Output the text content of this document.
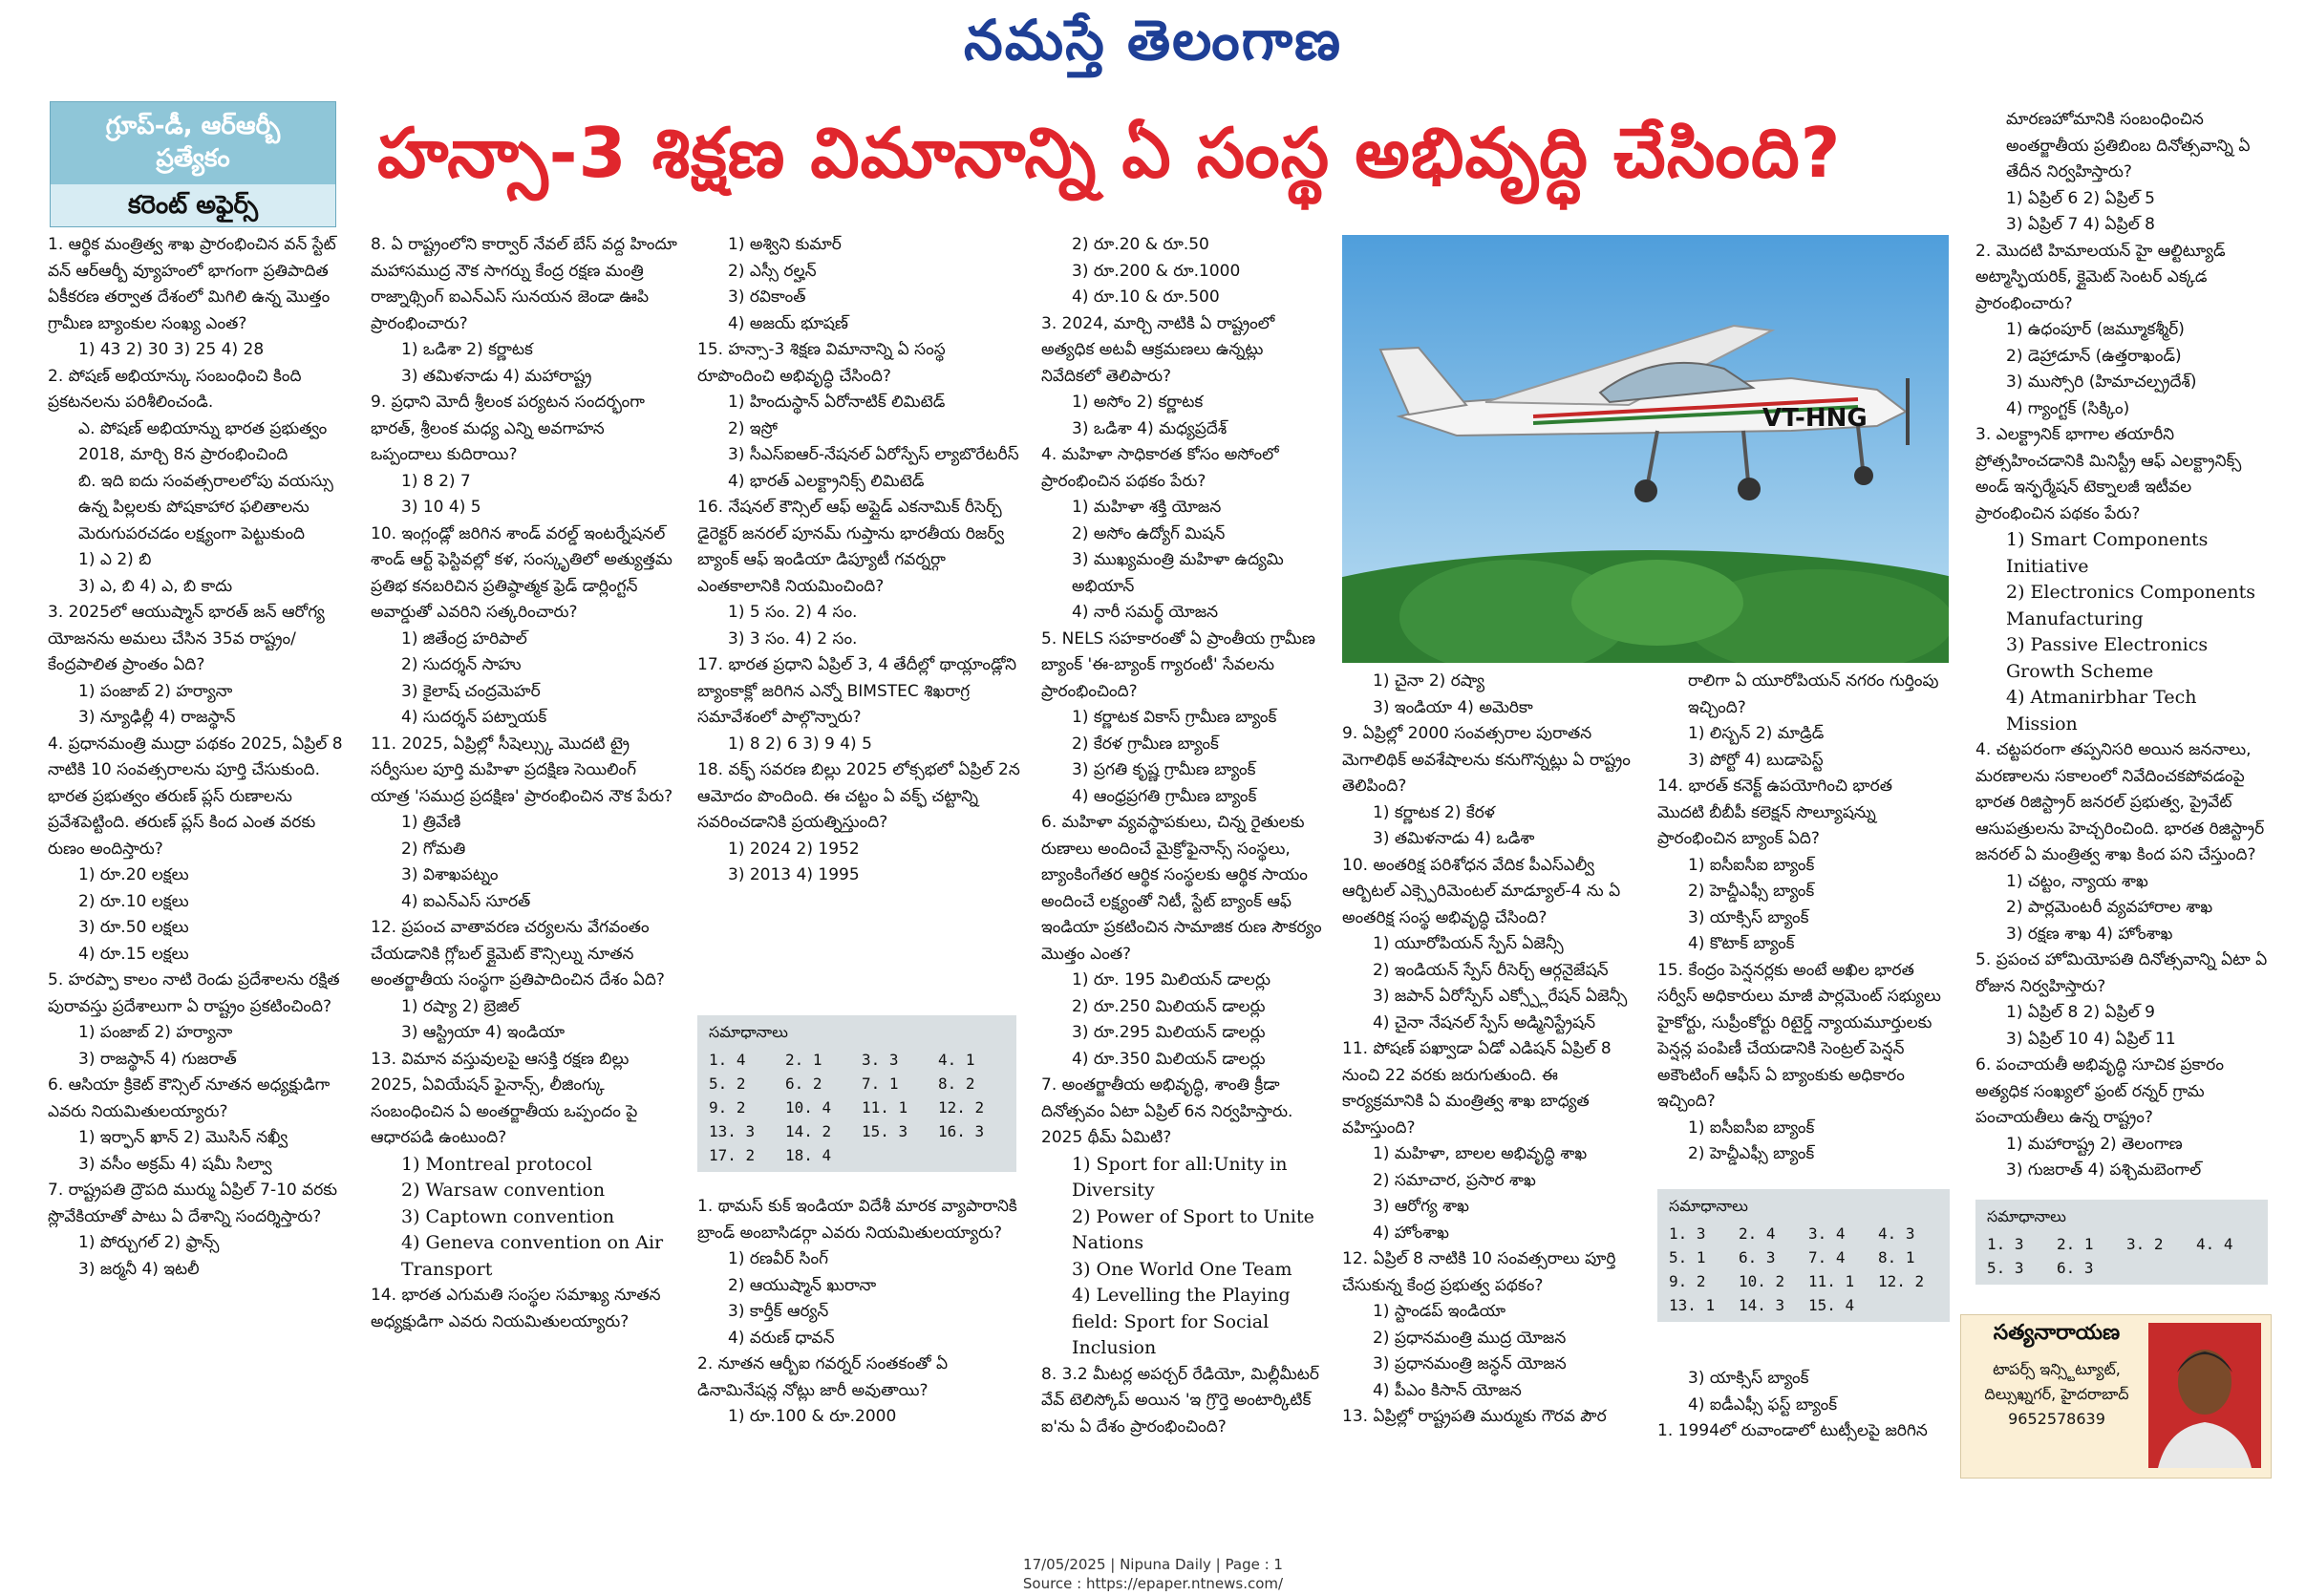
నమస్తే తెలంగాణ
గ్రూప్-డీ, ఆర్ఆర్బీ
ప్రత్యేకం
కరెంట్ అఫైర్స్
హన్సా-3 శిక్షణ విమానాన్ని ఏ సంస్థ అభివృద్ధి చేసింది?
1. ఆర్థిక మంత్రిత్వ శాఖ ప్రారంభించిన వన్ స్టేట్ వన్ ఆర్ఆర్బీ వ్యూహంలో భాగంగా ప్రతిపాదిత ఏకీకరణ తర్వాత దేశంలో మిగిలి ఉన్న మొత్తం గ్రామీణ బ్యాంకుల సంఖ్య ఎంత?
1) 43 2) 30 3) 25 4) 28
2. పోషణ్ అభియాన్కు సంబంధించి కింది ప్రకటనలను పరిశీలించండి.
ఎ. పోషణ్ అభియాన్ను భారత ప్రభుత్వం 2018, మార్చి 8న ప్రారంభించింది
బి. ఇది ఐదు సంవత్సరాలలోపు వయస్సు ఉన్న పిల్లలకు పోషకాహార ఫలితాలను మెరుగుపరచడం లక్ష్యంగా పెట్టుకుంది
1) ఎ 2) బి
3) ఎ, బి 4) ఎ, బి కాదు
3. 2025లో ఆయుష్మాన్ భారత్ జన్ ఆరోగ్య యోజనను అమలు చేసిన 35వ రాష్ట్రం/ కేంద్రపాలిత ప్రాంతం ఏది?
1) పంజాబ్ 2) హర్యానా
3) న్యూఢిల్లీ 4) రాజస్థాన్
4. ప్రధానమంత్రి ముద్రా పథకం 2025, ఏప్రిల్ 8 నాటికి 10 సంవత్సరాలను పూర్తి చేసుకుంది. భారత ప్రభుత్వం తరుణ్ ప్లస్ రుణాలను ప్రవేశపెట్టింది. తరుణ్ ప్లస్ కింద ఎంత వరకు రుణం అందిస్తారు?
1) రూ.20 లక్షలు
2) రూ.10 లక్షలు
3) రూ.50 లక్షలు
4) రూ.15 లక్షలు
5. హరప్పా కాలం నాటి రెండు ప్రదేశాలను రక్షిత పురావస్తు ప్రదేశాలుగా ఏ రాష్ట్రం ప్రకటించింది?
1) పంజాబ్ 2) హర్యానా
3) రాజస్థాన్ 4) గుజరాత్
6. ఆసియా క్రికెట్ కౌన్సిల్ నూతన అధ్యక్షుడిగా ఎవరు నియమితులయ్యారు?
1) ఇర్ఫాన్ ఖాన్ 2) మొసిన్ నఖ్వీ
3) వసీం అక్రమ్ 4) షమీ సిల్వా
7. రాష్ట్రపతి ద్రౌపది ముర్ము ఏప్రిల్ 7-10 వరకు స్లొవేకియాతో పాటు ఏ దేశాన్ని సందర్శిస్తారు?
1) పోర్చుగల్ 2) ఫ్రాన్స్
3) జర్మనీ 4) ఇటలీ
8. ఏ రాష్ట్రంలోని కార్వార్ నేవల్ బేస్ వద్ద హిందూ మహాసముద్ర నౌక సాగర్ను కేంద్ర రక్షణ మంత్రి రాజ్నాథ్సింగ్ ఐఎన్ఎస్ సునయన జెండా ఊపి ప్రారంభించారు?
1) ఒడిశా 2) కర్ణాటక
3) తమిళనాడు 4) మహారాష్ట్ర
9. ప్రధాని మోదీ శ్రీలంక పర్యటన సందర్భంగా భారత్, శ్రీలంక మధ్య ఎన్ని అవగాహన ఒప్పందాలు కుదిరాయి?
1) 8 2) 7
3) 10 4) 5
10. ఇంగ్లండ్లో జరిగిన శాండ్ వరల్డ్ ఇంటర్నేషనల్ శాండ్ ఆర్ట్ ఫెస్టివల్లో కళ, సంస్కృతిలో అత్యుత్తమ ప్రతిభ కనబరిచిన ప్రతిష్ఠాత్మక ఫ్రెడ్ డార్లింగ్టన్ అవార్డుతో ఎవరిని సత్కరించారు?
1) జితేంద్ర హరిపాల్
2) సుదర్శన్ సాహు
3) కైలాష్ చంద్రమెహర్
4) సుదర్శన్ పట్నాయక్
11. 2025, ఏప్రిల్లో సీషెల్స్కు మొదటి ట్రై సర్వీసుల పూర్తి మహిళా ప్రదక్షిణ సెయిలింగ్ యాత్ర 'సముద్ర ప్రదక్షిణ' ప్రారంభించిన నౌక పేరు?
1) త్రివేణి
2) గోమతి
3) విశాఖపట్నం
4) ఐఎన్ఎస్ సూరత్
12. ప్రపంచ వాతావరణ చర్యలను వేగవంతం చేయడానికి గ్లోబల్ క్లైమెట్ కౌన్సిల్ను నూతన అంతర్జాతీయ సంస్థగా ప్రతిపాదించిన దేశం ఏది?
1) రష్యా 2) బ్రెజిల్
3) ఆస్ట్రియా 4) ఇండియా
13. విమాన వస్తువులపై ఆసక్తి రక్షణ బిల్లు 2025, ఏవియేషన్ ఫైనాన్స్, లీజింగ్కు సంబంధించిన ఏ అంతర్జాతీయ ఒప్పందం పై ఆధారపడి ఉంటుంది?
1) Montreal protocol
2) Warsaw convention
3) Captown convention
4) Geneva convention on Air Transport
14. భారత ఎగుమతి సంస్థల సమాఖ్య నూతన అధ్యక్షుడిగా ఎవరు నియమితులయ్యారు?
1) అశ్విని కుమార్
2) ఎస్సీ రల్హన్
3) రవికాంత్
4) అజయ్ భూషణ్
15. హన్సా-3 శిక్షణ విమానాన్ని ఏ సంస్థ రూపొందించి అభివృద్ధి చేసింది?
1) హిందుస్థాన్ ఏరోనాటిక్ లిమిటెడ్
2) ఇస్రో
3) సీఎస్ఐఆర్-నేషనల్ ఏరోస్పేస్ ల్యాబొరేటరీస్
4) భారత్ ఎలక్ట్రానిక్స్ లిమిటెడ్
16. నేషనల్ కౌన్సిల్ ఆఫ్ అప్లైడ్ ఎకనామిక్ రీసెర్చ్ డైరెక్టర్ జనరల్ పూనమ్ గుప్తాను భారతీయ రిజర్వ్ బ్యాంక్ ఆఫ్ ఇండియా డిప్యూటీ గవర్నర్గా ఎంతకాలానికి నియమించింది?
1) 5 సం. 2) 4 సం.
3) 3 సం. 4) 2 సం.
17. భారత ప్రధాని ఏప్రిల్ 3, 4 తేదీల్లో థాయ్లాండ్లోని బ్యాంకాక్లో జరిగిన ఎన్నో BIMSTEC శిఖరాగ్ర సమావేశంలో పాల్గొన్నారు?
1) 8 2) 6 3) 9 4) 5
18. వక్ఫ్ సవరణ బిల్లు 2025 లోక్సభలో ఏప్రిల్ 2న ఆమోదం పొందింది. ఈ చట్టం ఏ వక్ఫ్ చట్టాన్ని సవరించడానికి ప్రయత్నిస్తుంది?
1) 2024 2) 1952
3) 2013 4) 1995
1. థామస్ కుక్ ఇండియా విదేశీ మారక వ్యాపారానికి బ్రాండ్ అంబాసిడర్గా ఎవరు నియమితులయ్యారు?
1) రణవీర్ సింగ్
2) ఆయుష్మాన్ ఖురానా
3) కార్తీక్ ఆర్యన్
4) వరుణ్ ధావన్
2. నూతన ఆర్బీఐ గవర్నర్ సంతకంతో ఏ డినామినేషన్ల నోట్లు జారీ అవుతాయి?
1) రూ.100 & రూ.2000
2) రూ.20 & రూ.50
3) రూ.200 & రూ.1000
4) రూ.10 & రూ.500
3. 2024, మార్చి నాటికి ఏ రాష్ట్రంలో అత్యధిక అటవీ ఆక్రమణలు ఉన్నట్లు నివేదికలో తెలిపారు?
1) అసోం 2) కర్ణాటక
3) ఒడిశా 4) మధ్యప్రదేశ్
4. మహిళా సాధికారత కోసం అసోంలో ప్రారంభించిన పథకం పేరు?
1) మహిళా శక్తి యోజన
2) అసోం ఉద్యోగ్ మిషన్
3) ముఖ్యమంత్రి మహిళా ఉద్యమి అభియాన్
4) నారీ సమర్థ్ యోజన
5. NELS సహకారంతో ఏ ప్రాంతీయ గ్రామీణ బ్యాంక్ 'ఈ-బ్యాంక్ గ్యారంటీ' సేవలను ప్రారంభించింది?
1) కర్ణాటక వికాస్ గ్రామీణ బ్యాంక్
2) కేరళ గ్రామీణ బ్యాంక్
3) ప్రగతి కృష్ణ గ్రామీణ బ్యాంక్
4) ఆంధ్రప్రగతి గ్రామీణ బ్యాంక్
6. మహిళా వ్యవస్థాపకులు, చిన్న రైతులకు రుణాలు అందించే మైక్రోఫైనాన్స్ సంస్థలు, బ్యాంకింగేతర ఆర్థిక సంస్థలకు ఆర్థిక సాయం అందించే లక్ష్యంతో నిటీ, స్టేట్ బ్యాంక్ ఆఫ్ ఇండియా ప్రకటించిన సామాజిక రుణ సౌకర్యం మొత్తం ఎంత?
1) రూ. 195 మిలియన్ డాలర్లు
2) రూ.250 మిలియన్ డాలర్లు
3) రూ.295 మిలియన్ డాలర్లు
4) రూ.350 మిలియన్ డాలర్లు
7. అంతర్జాతీయ అభివృద్ధి, శాంతి క్రీడా దినోత్సవం ఏటా ఏప్రిల్ 6న నిర్వహిస్తారు. 2025 థీమ్ ఏమిటి?
1) Sport for all:Unity in Diversity
2) Power of Sport to Unite Nations
3) One World One Team
4) Levelling the Playing field: Sport for Social Inclusion
8. 3.2 మీటర్ల అపర్చర్ రేడియో, మిల్లీమీటర్ వేవ్ టెలిస్కోప్ అయిన 'ఇ గ్రొర్తె అంటార్కిటిక్ ఐ'ను ఏ దేశం ప్రారంభించింది?
1) చైనా 2) రష్యా
3) ఇండియా 4) అమెరికా
9. ఏప్రిల్లో 2000 సంవత్సరాల పురాతన మెగాలిథిక్ అవశేషాలను కనుగొన్నట్లు ఏ రాష్ట్రం తెలిపింది?
1) కర్ణాటక 2) కేరళ
3) తమిళనాడు 4) ఒడిశా
10. అంతరిక్ష పరిశోధన వేదిక పీఎస్ఎల్వీ ఆర్బిటల్ ఎక్స్పెరిమెంటల్ మాడ్యూల్-4 ను ఏ అంతరిక్ష సంస్థ అభివృద్ధి చేసింది?
1) యూరోపియన్ స్పేస్ ఏజెన్సీ
2) ఇండియన్ స్పేస్ రీసెర్చ్ ఆర్గనైజేషన్
3) జపాన్ ఏరోస్పేస్ ఎక్స్ప్లోరేషన్ ఏజెన్సీ
4) చైనా నేషనల్ స్పేస్ అడ్మినిస్ట్రేషన్
11. పోషణ్ పఖ్వాడా ఏడో ఎడిషన్ ఏప్రిల్ 8 నుంచి 22 వరకు జరుగుతుంది. ఈ కార్యక్రమానికి ఏ మంత్రిత్వ శాఖ బాధ్యత వహిస్తుంది?
1) మహిళా, బాలల అభివృద్ధి శాఖ
2) సమాచార, ప్రసార శాఖ
3) ఆరోగ్య శాఖ
4) హోంశాఖ
12. ఏప్రిల్ 8 నాటికి 10 సంవత్సరాలు పూర్తి చేసుకున్న కేంద్ర ప్రభుత్వ పథకం?
1) స్టాండప్ ఇండియా
2) ప్రధానమంత్రి ముద్ర యోజన
3) ప్రధానమంత్రి జన్ధన్ యోజన
4) పీఎం కిసాన్ యోజన
13. ఏప్రిల్లో రాష్ట్రపతి ముర్ముకు గౌరవ పౌర
రాలిగా ఏ యూరోపియన్ నగరం గుర్తింపు ఇచ్చింది?
1) లిస్బన్ 2) మాడ్రిడ్
3) పోర్టో 4) బుడాపెస్ట్
14. భారత్ కనెక్ట్ ఉపయోగించి భారత మొదటి బీబీపీ కలెక్షన్ సొల్యూషన్ను ప్రారంభించిన బ్యాంక్ ఏది?
1) ఐసీఐసీఐ బ్యాంక్
2) హెచ్డీఎఫ్సీ బ్యాంక్
3) యాక్సిస్ బ్యాంక్
4) కొటాక్ బ్యాంక్
15. కేంద్రం పెన్షనర్లకు అంటే అఖిల భారత సర్వీస్ అధికారులు మాజీ పార్లమెంట్ సభ్యులు హైకోర్టు, సుప్రీంకోర్టు రిటైర్డ్ న్యాయమూర్తులకు పెన్షన్ల పంపిణీ చేయడానికి సెంట్రల్ పెన్షన్ అకౌంటింగ్ ఆఫీస్ ఏ బ్యాంకుకు అధికారం ఇచ్చింది?
1) ఐసీఐసీఐ బ్యాంక్
2) హెచ్డీఎఫ్సీ బ్యాంక్
3) యాక్సిస్ బ్యాంక్
4) ఐడీఎఫ్సీ ఫస్ట్ బ్యాంక్
1. 1994లో రువాండాలో టుట్సీలపై జరిగిన
మారణహోమానికి సంబంధించిన అంతర్జాతీయ ప్రతిబింబ దినోత్సవాన్ని ఏ తేదీన నిర్వహిస్తారు?
1) ఏప్రిల్ 6 2) ఏప్రిల్ 5
3) ఏప్రిల్ 7 4) ఏప్రిల్ 8
2. మొదటి హిమాలయన్ హై ఆల్టిట్యూడ్ అట్మాస్ఫియరిక్, క్లైమెట్ సెంటర్ ఎక్కడ ప్రారంభించారు?
1) ఉధంపూర్ (జమ్మూకశ్మీర్)
2) డెహ్రాడూన్ (ఉత్తరాఖండ్)
3) ముస్సోరి (హిమాచల్ప్రదేశ్)
4) గ్యాంగ్టక్ (సిక్కిం)
3. ఎలక్ట్రానిక్ భాగాల తయారీని ప్రోత్సహించడానికి మినిస్ట్రీ ఆఫ్ ఎలక్ట్రానిక్స్ అండ్ ఇన్ఫర్మేషన్ టెక్నాలజీ ఇటీవల ప్రారంభించిన పథకం పేరు?
1) Smart Components Initiative
2) Electronics Components Manufacturing
3) Passive Electronics Growth Scheme
4) Atmanirbhar Tech Mission
4. చట్టపరంగా తప్పనిసరి అయిన జననాలు, మరణాలను సకాలంలో నివేదించకపోవడంపై భారత రిజిస్ట్రార్ జనరల్ ప్రభుత్వ, ప్రైవేట్ ఆసుపత్రులను హెచ్చరించింది. భారత రిజిస్ట్రార్ జనరల్ ఏ మంత్రిత్వ శాఖ కింద పని చేస్తుంది?
1) చట్టం, న్యాయ శాఖ
2) పార్లమెంటరీ వ్యవహారాల శాఖ
3) రక్షణ శాఖ 4) హోంశాఖ
5. ప్రపంచ హోమియోపతి దినోత్సవాన్ని ఏటా ఏ రోజున నిర్వహిస్తారు?
1) ఏప్రిల్ 8 2) ఏప్రిల్ 9
3) ఏప్రిల్ 10 4) ఏప్రిల్ 11
6. పంచాయతీ అభివృద్ధి సూచిక ప్రకారం అత్యధిక సంఖ్యలో ఫ్రంట్ రన్నర్ గ్రామ పంచాయతీలు ఉన్న రాష్ట్రం?
1) మహారాష్ట్ర 2) తెలంగాణ
3) గుజరాత్ 4) పశ్చిమబెంగాల్
VT-HNG
సమాధానాలు
1. 4	2. 1	3. 3	4. 1
5. 2	6. 2	7. 1	8. 2
9. 2	10. 4	11. 1	12. 2
13. 3	14. 2	15. 3	16. 3
17. 2	18. 4
సమాధానాలు
1. 3	2. 4	3. 4	4. 3
5. 1	6. 3	7. 4	8. 1
9. 2	10. 2	11. 1	12. 2
13. 1	14. 3	15. 4
సమాధానాలు
1. 3	2. 1	3. 2	4. 4
5. 3	6. 3
సత్యనారాయణ
టాపర్స్ ఇన్స్టిట్యూట్,
దిల్సుఖ్నగర్, హైదరాబాద్
9652578639
17/05/2025 | Nipuna Daily | Page : 1
Source : https://epaper.ntnews.com/
